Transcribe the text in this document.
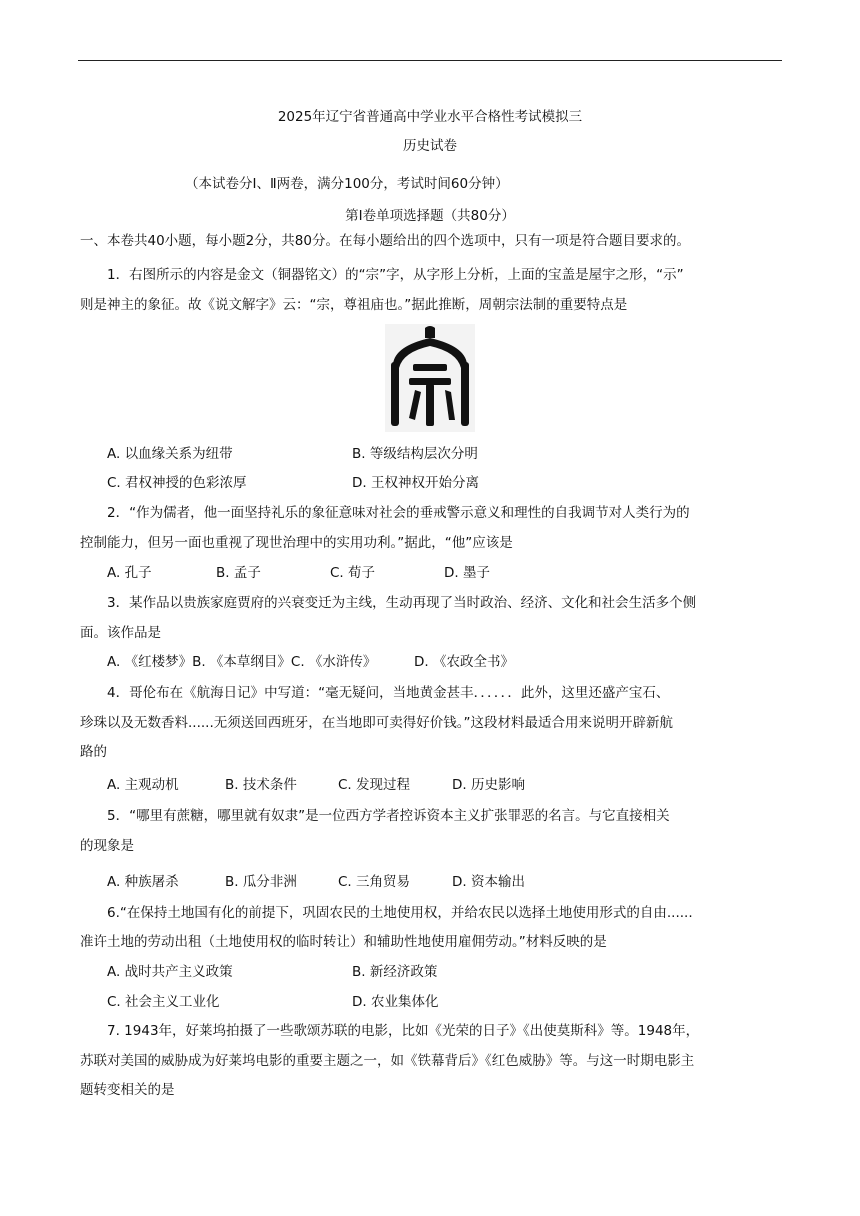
2025年辽宁省普通高中学业水平合格性考试模拟三
历史试卷
（本试卷分Ⅰ、Ⅱ两卷，满分100分，考试时间60分钟）
第Ⅰ卷单项选择题（共80分）
一、本卷共40小题，每小题2分，共80分。在每小题给出的四个选项中，只有一项是符合题目要求的。
1．右图所示的内容是金文（铜器铭文）的“宗”字，从字形上分析，上面的宝盖是屋宇之形，“示”
则是神主的象征。故《说文解字》云：“宗，尊祖庙也。”据此推断，周朝宗法制的重要特点是
A. 以血缘关系为纽带	B. 等级结构层次分明
C. 君权神授的色彩浓厚	D. 王权神权开始分离
2．“作为儒者，他一面坚持礼乐的象征意味对社会的垂戒警示意义和理性的自我调节对人类行为的
控制能力，但另一面也重视了现世治理中的实用功利。”据此，“他”应该是
A. 孔子	B. 孟子	C. 荀子	D. 墨子
3．某作品以贵族家庭贾府的兴衰变迁为主线，生动再现了当时政治、经济、文化和社会生活多个侧
面。该作品是
A. 《红楼梦》B. 《本草纲目》C. 《水浒传》	D. 《农政全书》
4．哥伦布在《航海日记》中写道：“毫无疑问，当地黄金甚丰．．．．．．此外，这里还盛产宝石、
珍珠以及无数香料......无须送回西班牙，在当地即可卖得好价钱。”这段材料最适合用来说明开辟新航
路的
A. 主观动机	B. 技术条件	C. 发现过程	D. 历史影响
5．“哪里有蔗糖，哪里就有奴隶”是一位西方学者控诉资本主义扩张罪恶的名言。与它直接相关
的现象是
A. 种族屠杀	B. 瓜分非洲	C. 三角贸易	D. 资本输出
6.“在保持土地国有化的前提下，巩固农民的土地使用权，并给农民以选择土地使用形式的自由......
准许土地的劳动出租（土地使用权的临时转让）和辅助性地使用雇佣劳动。”材料反映的是
A. 战时共产主义政策	B. 新经济政策
C. 社会主义工业化	D. 农业集体化
7. 1943年，好莱坞拍摄了一些歌颂苏联的电影，比如《光荣的日子》《出使莫斯科》等。1948年，
苏联对美国的威胁成为好莱坞电影的重要主题之一，如《铁幕背后》《红色威胁》等。与这一时期电影主
题转变相关的是
